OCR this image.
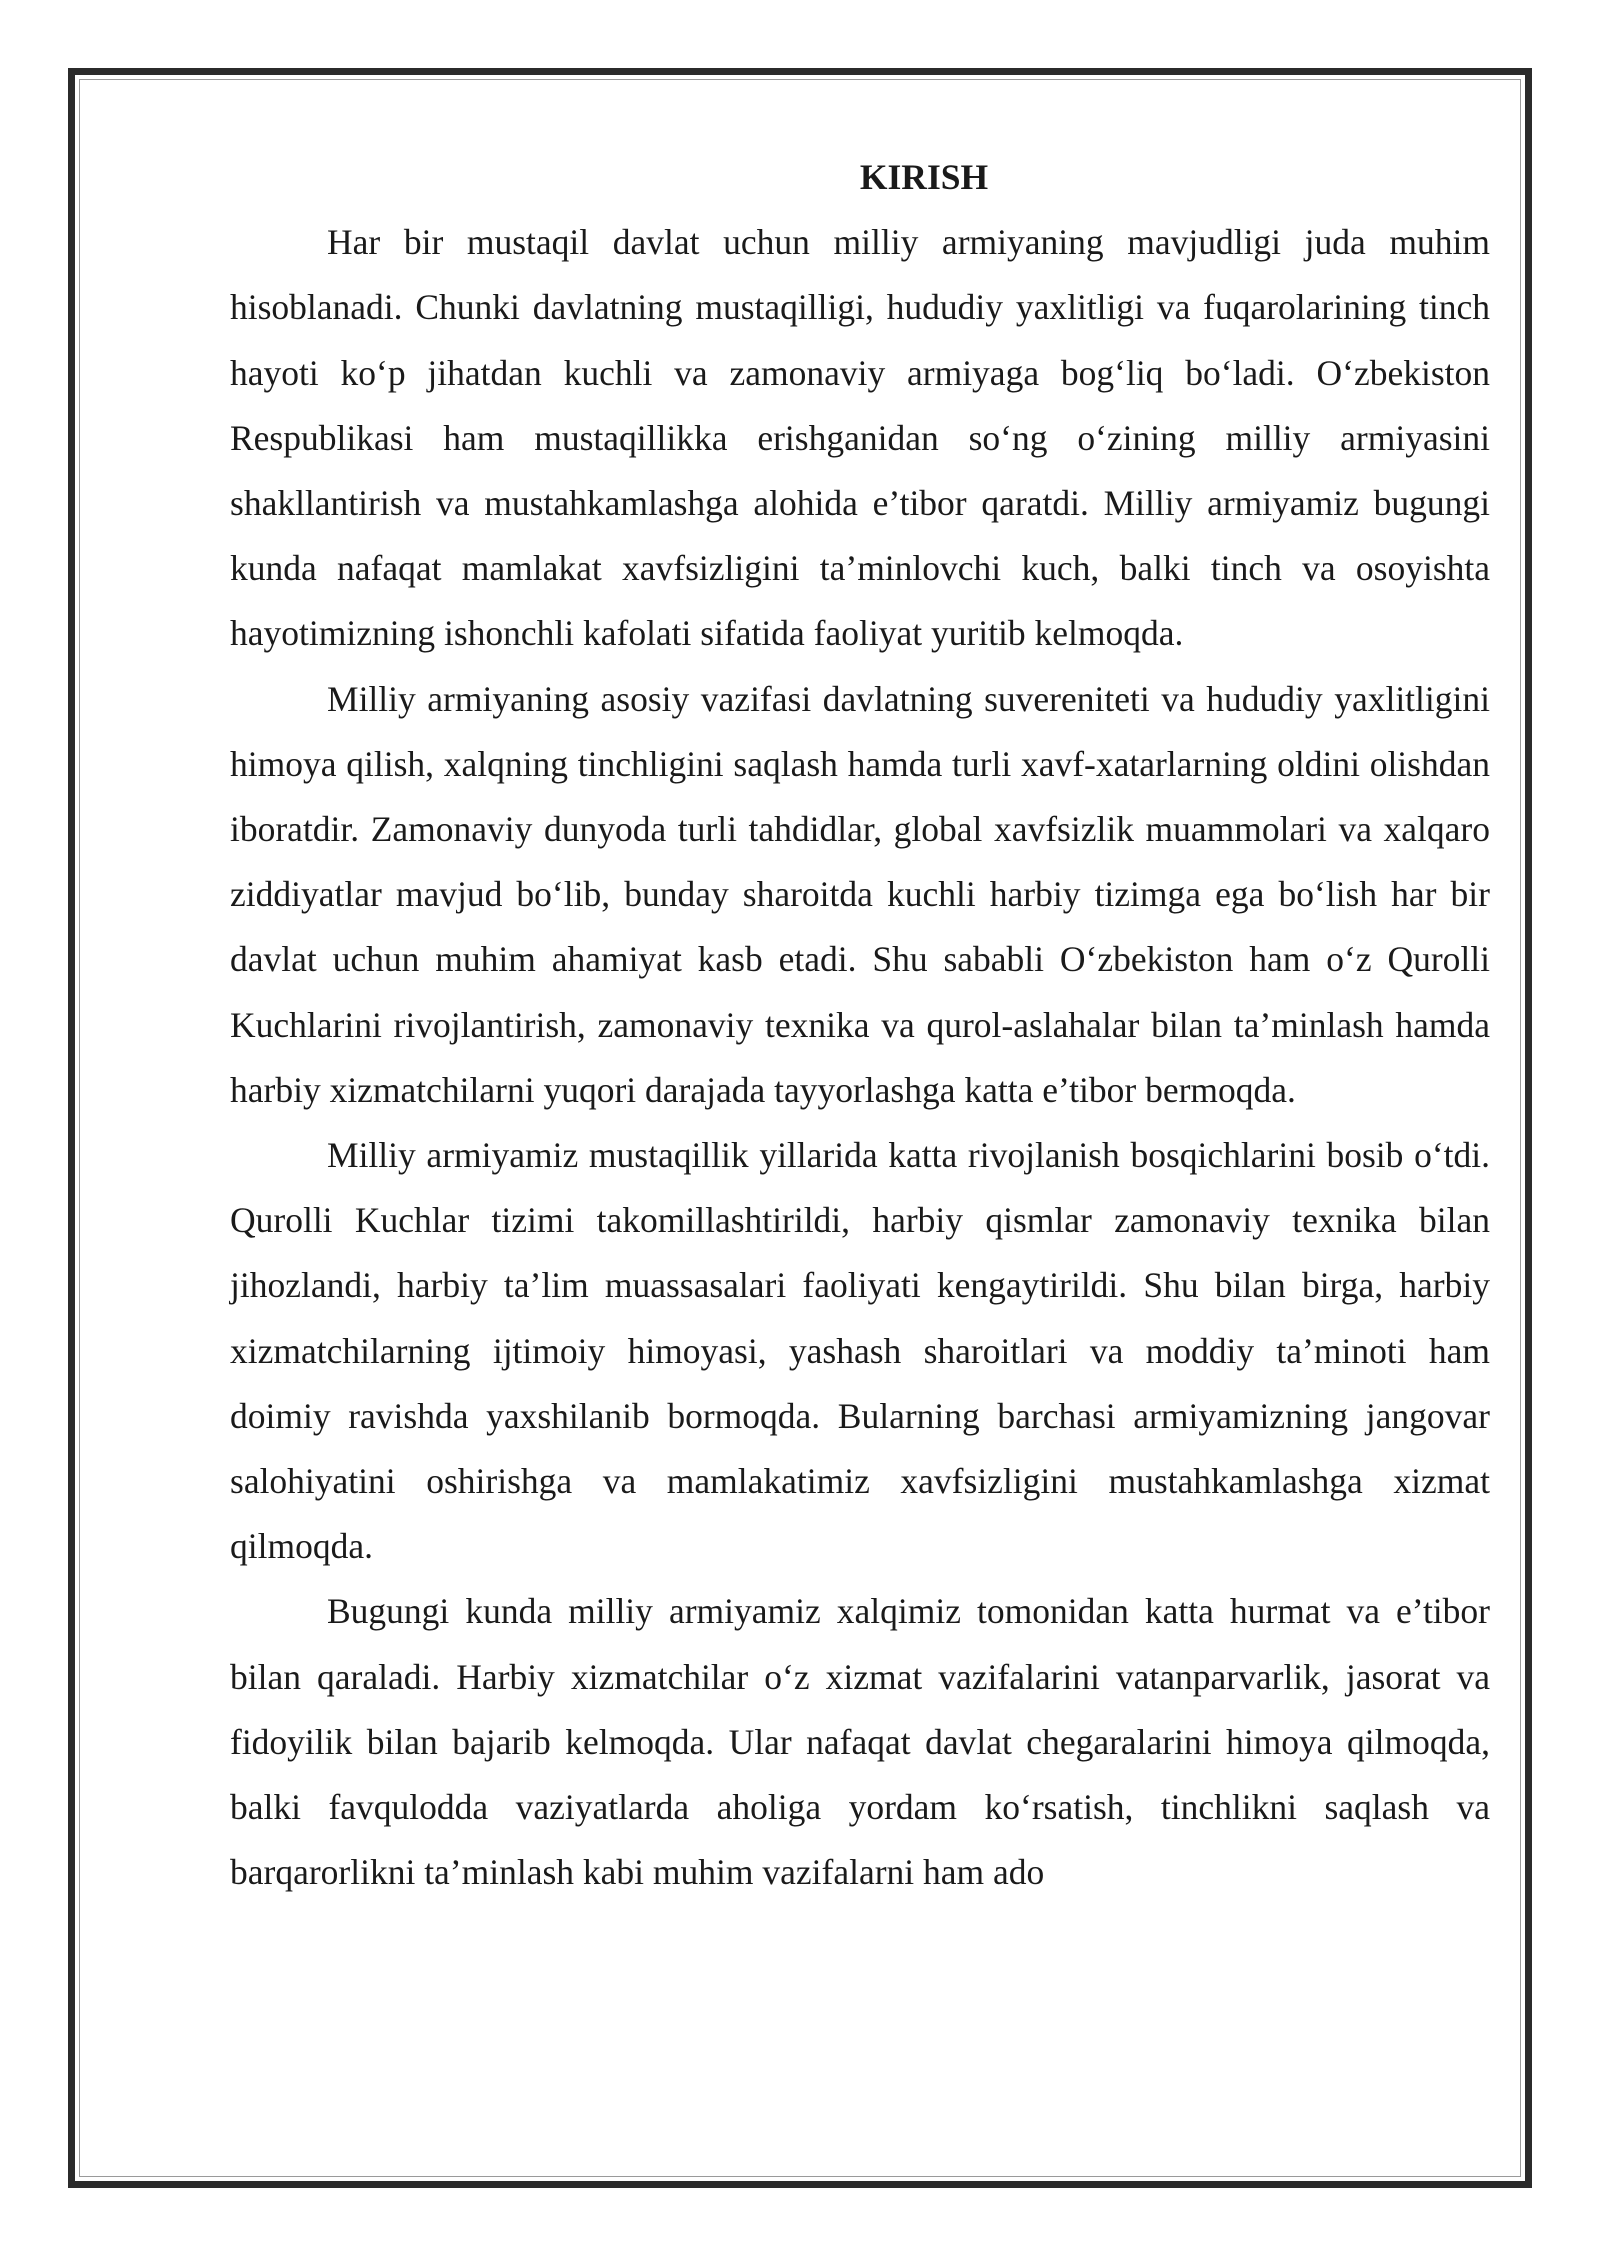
KIRISH

Har bir mustaqil davlat uchun milliy armiyaning mavjudligi juda muhim hisoblanadi. Chunki davlatning mustaqilligi, hududiy yaxlitligi va fuqarolarining tinch hayoti koʻp jihatdan kuchli va zamonaviy armiyaga bogʻliq boʻladi. Oʻzbekiston Respublikasi ham mustaqillikka erishganidan soʻng oʻzining milliy armiyasini shakllantirish va mustahkamlashga alohida e’tibor qaratdi. Milliy armiyamiz bugungi kunda nafaqat mamlakat xavfsizligini ta’minlovchi kuch, balki tinch va osoyishta hayotimizning ishonchli kafolati sifatida faoliyat yuritib kelmoqda.

Milliy armiyaning asosiy vazifasi davlatning suvereniteti va hududiy yaxlitligini himoya qilish, xalqning tinchligini saqlash hamda turli xavf-xatarlarning oldini olishdan iboratdir. Zamonaviy dunyoda turli tahdidlar, global xavfsizlik muammolari va xalqaro ziddiyatlar mavjud boʻlib, bunday sharoitda kuchli harbiy tizimga ega boʻlish har bir davlat uchun muhim ahamiyat kasb etadi. Shu sababli Oʻzbekiston ham oʻz Qurolli Kuchlarini rivojlantirish, zamonaviy texnika va qurol-aslahalar bilan ta’minlash hamda harbiy xizmatchilarni yuqori darajada tayyorlashga katta e’tibor bermoqda.

Milliy armiyamiz mustaqillik yillarida katta rivojlanish bosqichlarini bosib oʻtdi. Qurolli Kuchlar tizimi takomillashtirildi, harbiy qismlar zamonaviy texnika bilan jihozlandi, harbiy ta’lim muassasalari faoliyati kengaytirildi. Shu bilan birga, harbiy xizmatchilarning ijtimoiy himoyasi, yashash sharoitlari va moddiy ta’minoti ham doimiy ravishda yaxshilanib bormoqda. Bularning barchasi armiyamizning jangovar salohiyatini oshirishga va mamlakatimiz xavfsizligini mustahkamlashga xizmat qilmoqda.

Bugungi kunda milliy armiyamiz xalqimiz tomonidan katta hurmat va e’tibor bilan qaraladi. Harbiy xizmatchilar oʻz xizmat vazifalarini vatanparvarlik, jasorat va fidoyilik bilan bajarib kelmoqda. Ular nafaqat davlat chegaralarini himoya qilmoqda, balki favqulodda vaziyatlarda aholiga yordam koʻrsatish, tinchlikni saqlash va barqarorlikni ta’minlash kabi muhim vazifalarni ham ado
